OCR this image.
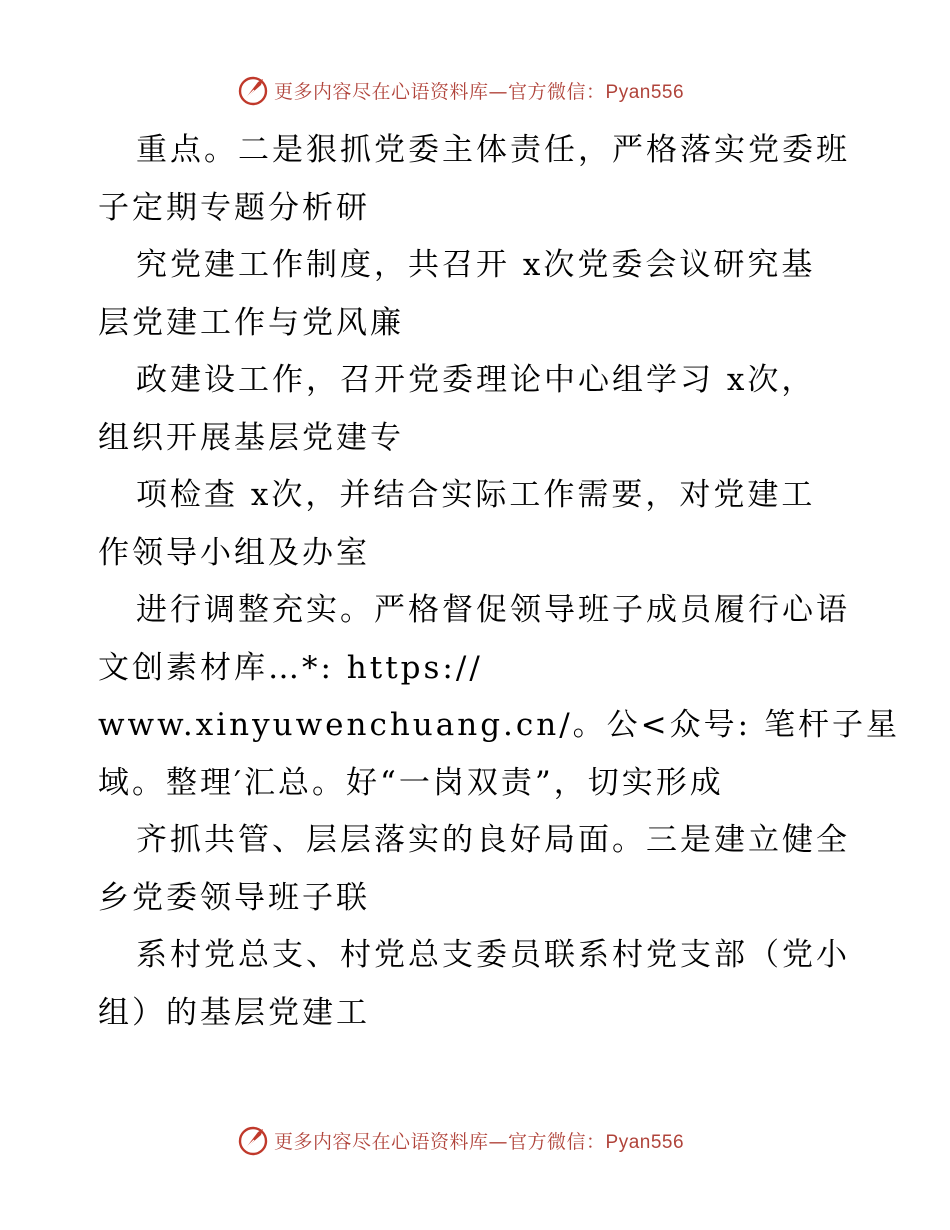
更多内容尽在心语资料库—官方微信：Pyan556

重点。二是狠抓党委主体责任，严格落实党委班
子定期专题分析研

究党建工作制度，共召开 x次党委会议研究基
层党建工作与党风廉

政建设工作，召开党委理论中心组学习 x次，
组织开展基层党建专

项检查 x次，并结合实际工作需要，对党建工
作领导小组及办室

进行调整充实。严格督促领导班子成员履行心语
文创素材库…*: https://
www.xinyuwenchuang.cn/。公<众号: 笔杆子星
域。整理′汇总。好“一岗双责”，切实形成

齐抓共管、层层落实的良好局面。三是建立健全
乡党委领导班子联

系村党总支、村党总支委员联系村党支部（党小
组）的基层党建工

更多内容尽在心语资料库—官方微信：Pyan556
